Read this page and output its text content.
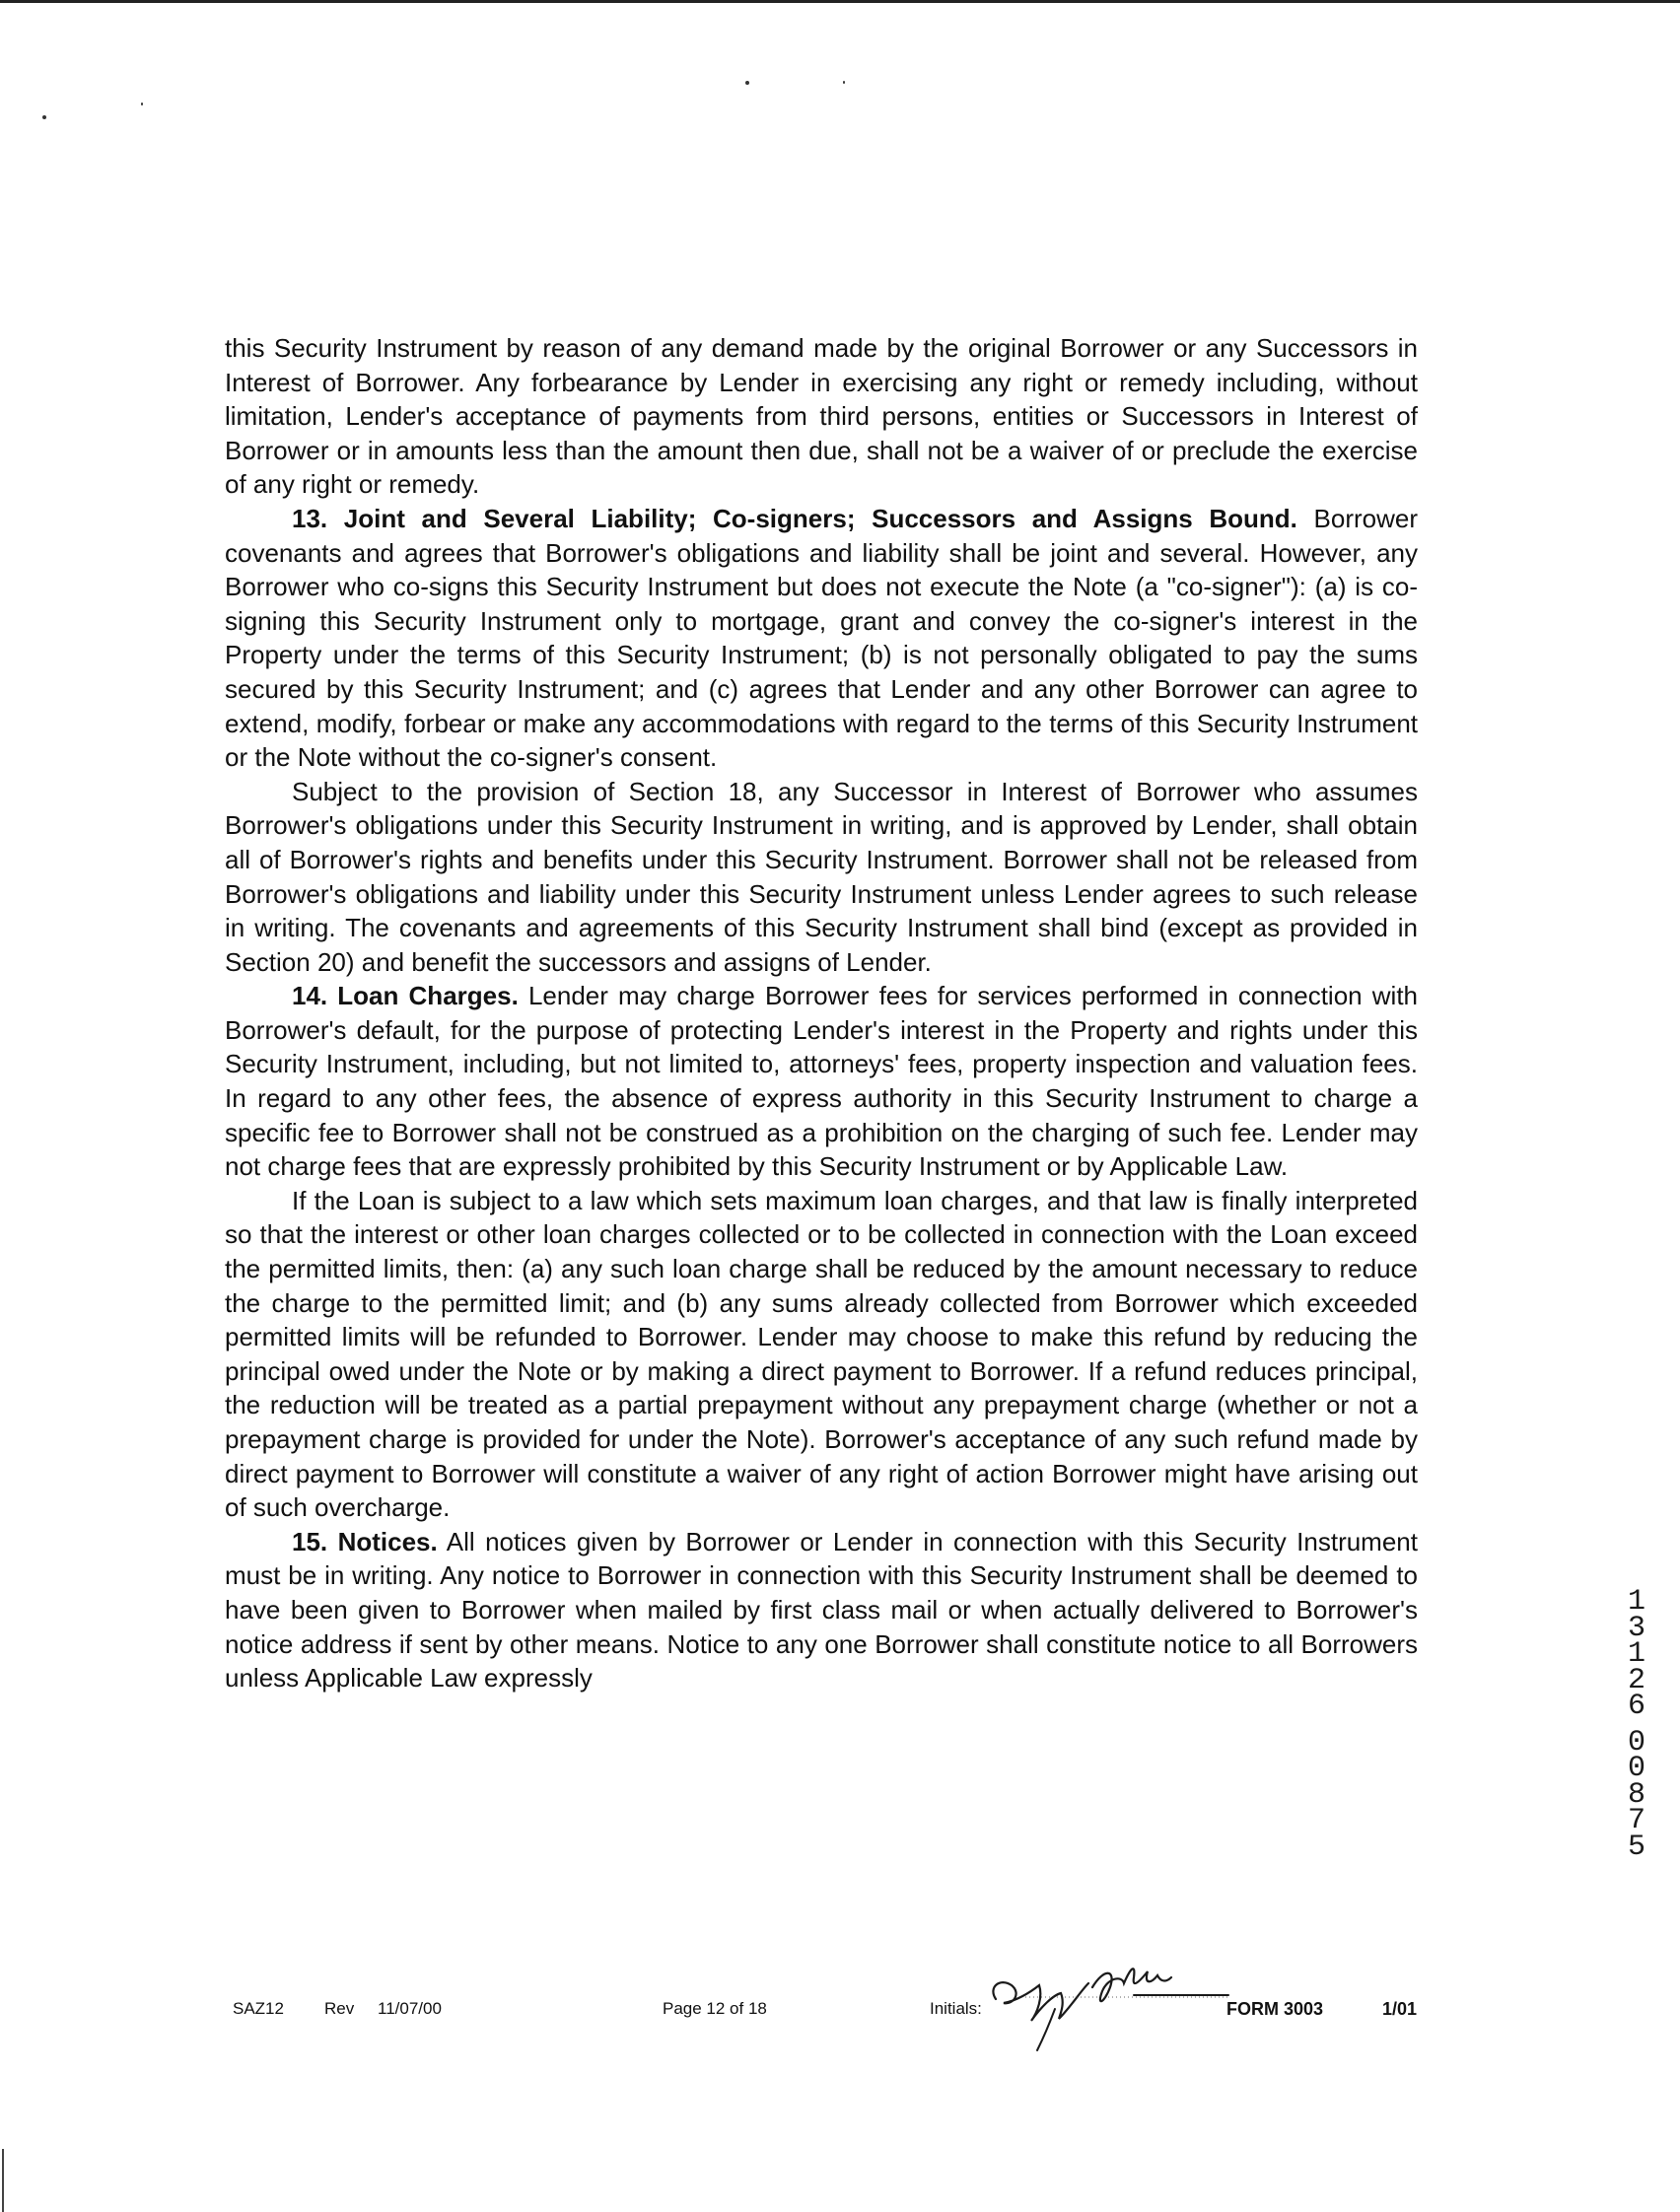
this Security Instrument by reason of any demand made by the original Borrower or any Successors in Interest of Borrower. Any forbearance by Lender in exercising any right or remedy including, without limitation, Lender's acceptance of payments from third persons, entities or Successors in Interest of Borrower or in amounts less than the amount then due, shall not be a waiver of or preclude the exercise of any right or remedy.

13. Joint and Several Liability; Co-signers; Successors and Assigns Bound. Borrower covenants and agrees that Borrower's obligations and liability shall be joint and several. However, any Borrower who co-signs this Security Instrument but does not execute the Note (a "co-signer"): (a) is co-signing this Security Instrument only to mortgage, grant and convey the co-signer's interest in the Property under the terms of this Security Instrument; (b) is not personally obligated to pay the sums secured by this Security Instrument; and (c) agrees that Lender and any other Borrower can agree to extend, modify, forbear or make any accommodations with regard to the terms of this Security Instrument or the Note without the co-signer's consent.

Subject to the provision of Section 18, any Successor in Interest of Borrower who assumes Borrower's obligations under this Security Instrument in writing, and is approved by Lender, shall obtain all of Borrower's rights and benefits under this Security Instrument. Borrower shall not be released from Borrower's obligations and liability under this Security Instrument unless Lender agrees to such release in writing. The covenants and agreements of this Security Instrument shall bind (except as provided in Section 20) and benefit the successors and assigns of Lender.

14. Loan Charges. Lender may charge Borrower fees for services performed in connection with Borrower's default, for the purpose of protecting Lender's interest in the Property and rights under this Security Instrument, including, but not limited to, attorneys' fees, property inspection and valuation fees. In regard to any other fees, the absence of express authority in this Security Instrument to charge a specific fee to Borrower shall not be construed as a prohibition on the charging of such fee. Lender may not charge fees that are expressly prohibited by this Security Instrument or by Applicable Law.

If the Loan is subject to a law which sets maximum loan charges, and that law is finally interpreted so that the interest or other loan charges collected or to be collected in connection with the Loan exceed the permitted limits, then: (a) any such loan charge shall be reduced by the amount necessary to reduce the charge to the permitted limit; and (b) any sums already collected from Borrower which exceeded permitted limits will be refunded to Borrower. Lender may choose to make this refund by reducing the principal owed under the Note or by making a direct payment to Borrower. If a refund reduces principal, the reduction will be treated as a partial prepayment without any prepayment charge (whether or not a prepayment charge is provided for under the Note). Borrower's acceptance of any such refund made by direct payment to Borrower will constitute a waiver of any right of action Borrower might have arising out of such overcharge.

15. Notices. All notices given by Borrower or Lender in connection with this Security Instrument must be in writing. Any notice to Borrower in connection with this Security Instrument shall be deemed to have been given to Borrower when mailed by first class mail or when actually delivered to Borrower's notice address if sent by other means. Notice to any one Borrower shall constitute notice to all Borrowers unless Applicable Law expressly

SAZ12 Rev 11/07/00	Page 12 of 18	Initials:	FORM 3003	1/01
1
3
1
2
6
0
0
8
7
5
